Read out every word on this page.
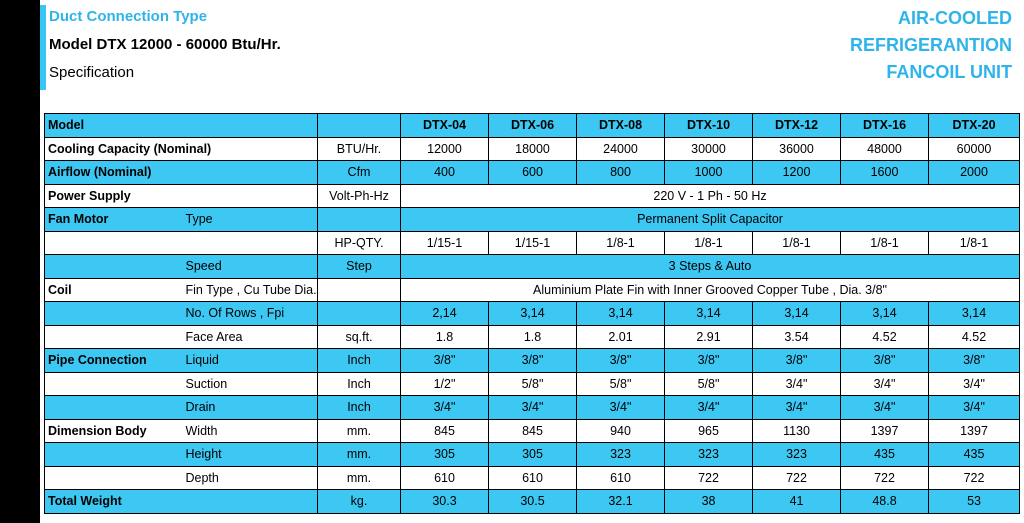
Duct Connection Type
Model DTX 12000 - 60000 Btu/Hr.
Specification
AIR-COOLED
REFRIGERANTION
FANCOIL UNIT
Model			DTX-04	DTX-06	DTX-08	DTX-10	DTX-12	DTX-16	DTX-20
Cooling Capacity (Nominal)		BTU/Hr.	12000	18000	24000	30000	36000	48000	60000
Airflow (Nominal)		Cfm	400	600	800	1000	1200	1600	2000
Power Supply		Volt-Ph-Hz	220 V - 1 Ph - 50 Hz						
Fan Motor	Type		Permanent Split Capacitor						
		HP-QTY.	1/15-1	1/15-1	1/8-1	1/8-1	1/8-1	1/8-1	1/8-1
	Speed	Step	3 Steps & Auto						
Coil	Fin Type , Cu Tube Dia.		Aluminium Plate Fin with Inner Grooved Copper Tube , Dia. 3/8"						
	No. Of Rows , Fpi		2,14	3,14	3,14	3,14	3,14	3,14	3,14
	Face Area	sq.ft.	1.8	1.8	2.01	2.91	3.54	4.52	4.52
Pipe Connection	Liquid	Inch	3/8"	3/8"	3/8"	3/8"	3/8"	3/8"	3/8"
	Suction	Inch	1/2"	5/8"	5/8"	5/8"	3/4"	3/4"	3/4"
	Drain	Inch	3/4"	3/4"	3/4"	3/4"	3/4"	3/4"	3/4"
Dimension Body	Width	mm.	845	845	940	965	1130	1397	1397
	Height	mm.	305	305	323	323	323	435	435
	Depth	mm.	610	610	610	722	722	722	722
Total Weight		kg.	30.3	30.5	32.1	38	41	48.8	53
